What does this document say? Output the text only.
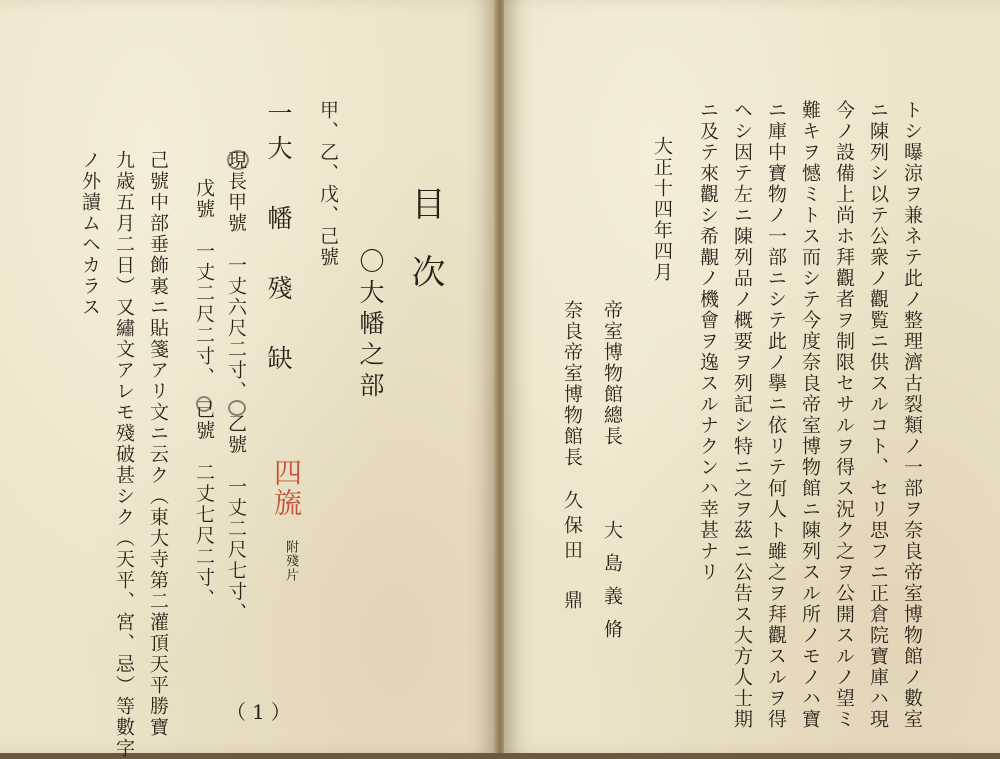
目　次
〇大幡之部
甲、乙、戊、己號
一大　幡　殘　缺
四旒
附殘片
現長甲號　一丈六尺二寸、　乙號　一丈二尺七寸、
戊號　一丈二尺二寸、　己號　二丈七尺二寸、
己號中部垂飾裏ニ貼箋アリ文ニ云ク（東大寺第二灌頂天平勝寶
九歳五月二日）又繡文アレモ殘破甚シク（天平、宮、忌）等數字
ノ外讀ムヘカラス
（1）	トシ曝涼ヲ兼ネテ此ノ整理濟古裂類ノ一部ヲ奈良帝室博物館ノ數室
ニ陳列シ以テ公衆ノ觀覧ニ供スルコト、セリ思フニ正倉院寶庫ハ現
今ノ設備上尚ホ拜觀者ヲ制限セサルヲ得ス況ク之ヲ公開スルノ望ミ
難キヲ憾ミトス而シテ今度奈良帝室博物館ニ陳列スル所ノモノハ寶
ニ庫中寶物ノ一部ニシテ此ノ擧ニ依リテ何人ト雖之ヲ拜觀スルヲ得
ヘシ因テ左ニ陳列品ノ概要ヲ列記シ特ニ之ヲ茲ニ公告ス大方人士期
ニ及テ來觀シ希覯ノ機會ヲ逸スルナクンハ幸甚ナリ
大正十四年四月
帝室博物館總長
大島義脩
奈良帝室博物館長
久保田　鼎
